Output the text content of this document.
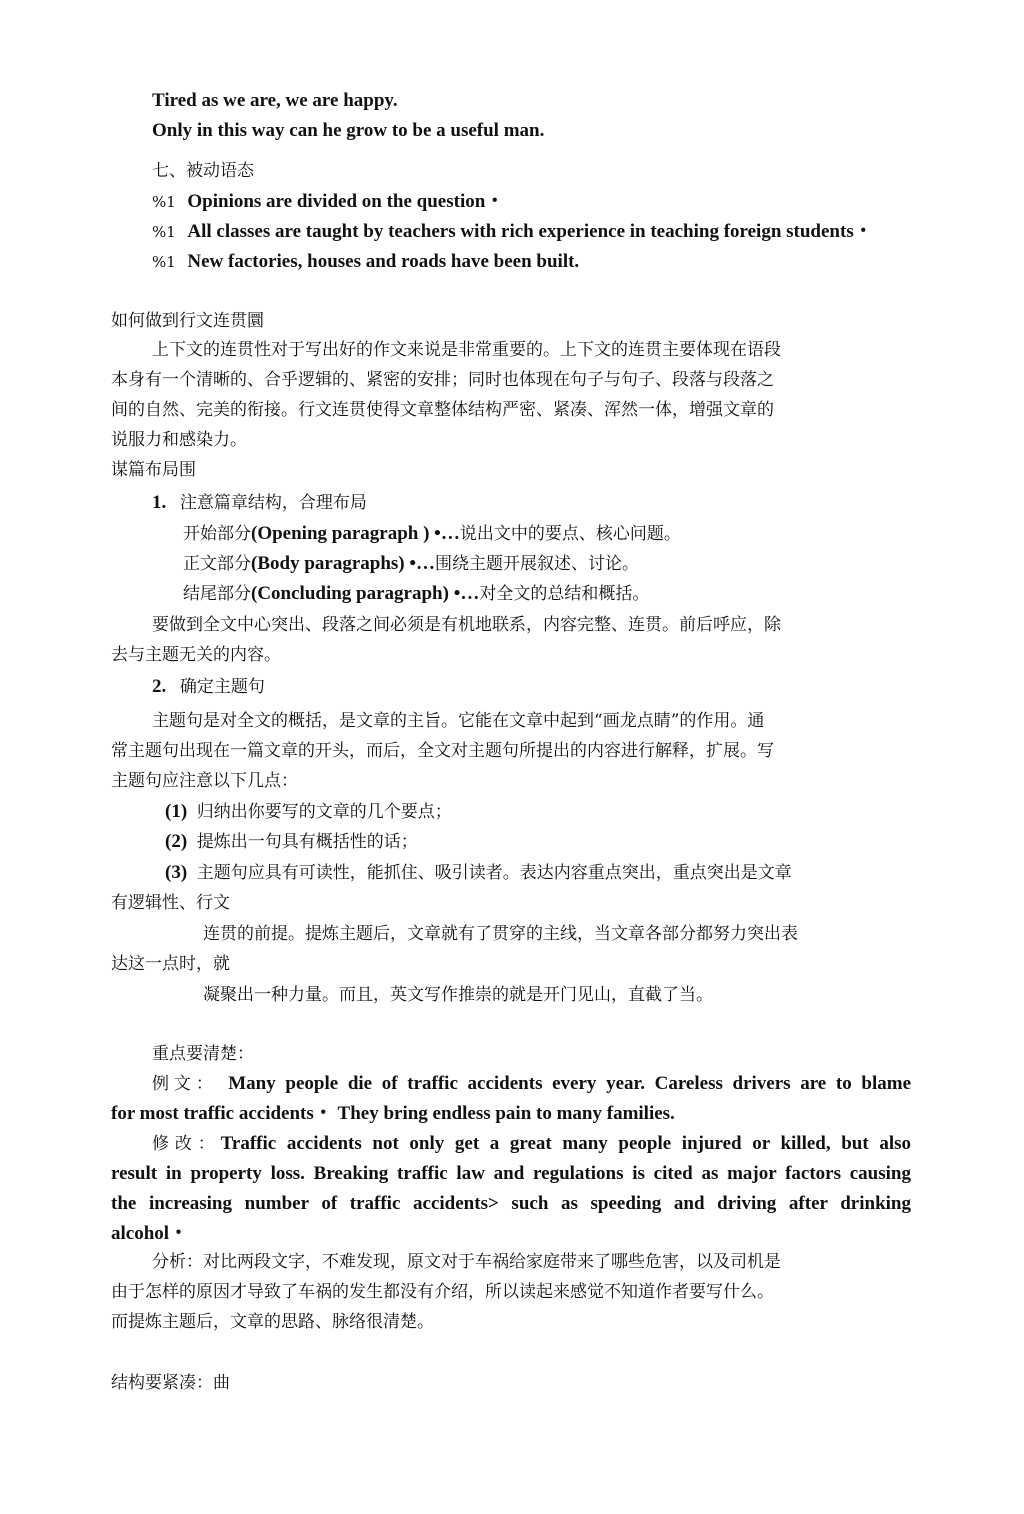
Tired as we are, we are happy.
Only in this way can he grow to be a useful man.
七、被动语态
%1 Opinions are divided on the question・
%1 All classes are taught by teachers with rich experience in teaching foreign students・
%1 New factories, houses and roads have been built.
如何做到行文连贯圜
上下文的连贯性对于写出好的作文来说是非常重要的。上下文的连贯主要体现在语段
本身有一个清晰的、合乎逻辑的、紧密的安排；同时也体现在句子与句子、段落与段落之
间的自然、完美的衔接。行文连贯使得文章整体结构严密、紧凑、浑然一体，增强文章的
说服力和感染力。
谋篇布局围
1. 注意篇章结构，合理布局
开始部分(Opening paragraph ) •…说出文中的要点、核心问题。
正文部分(Body paragraphs) •…围绕主题开展叙述、讨论。
结尾部分(Concluding paragraph) •…对全文的总结和概括。
要做到全文中心突出、段落之间必须是有机地联系，内容完整、连贯。前后呼应，除
去与主题无关的内容。
2. 确定主题句
主题句是对全文的概括，是文章的主旨。它能在文章中起到“画龙点睛”的作用。通
常主题句出现在一篇文章的开头，而后，全文对主题句所提出的内容进行解释，扩展。写
主题句应注意以下几点：
(1) 归纳出你要写的文章的几个要点；
(2) 提炼出一句具有概括性的话；
(3) 主题句应具有可读性，能抓住、吸引读者。表达内容重点突出，重点突出是文章
有逻辑性、行文
连贯的前提。提炼主题后，文章就有了贯穿的主线，当文章各部分都努力突出表
达这一点时，就
凝聚出一种力量。而且，英文写作推崇的就是开门见山，直截了当。
重点要清楚：
例文： Many people die of traffic accidents every year. Careless drivers are to blame
for most traffic accidents・ They bring endless pain to many families.
修改：Traffic accidents not only get a great many people injured or killed, but also
result in property loss. Breaking traffic law and regulations is cited as major factors causing
the increasing number of traffic accidents> such as speeding and driving after drinking
alcohol・
分析：对比两段文字，不难发现，原文对于车祸给家庭带来了哪些危害，以及司机是
由于怎样的原因才导致了车祸的发生都没有介绍，所以读起来感觉不知道作者要写什么。
而提炼主题后，文章的思路、脉络很清楚。
结构要紧凑：曲
